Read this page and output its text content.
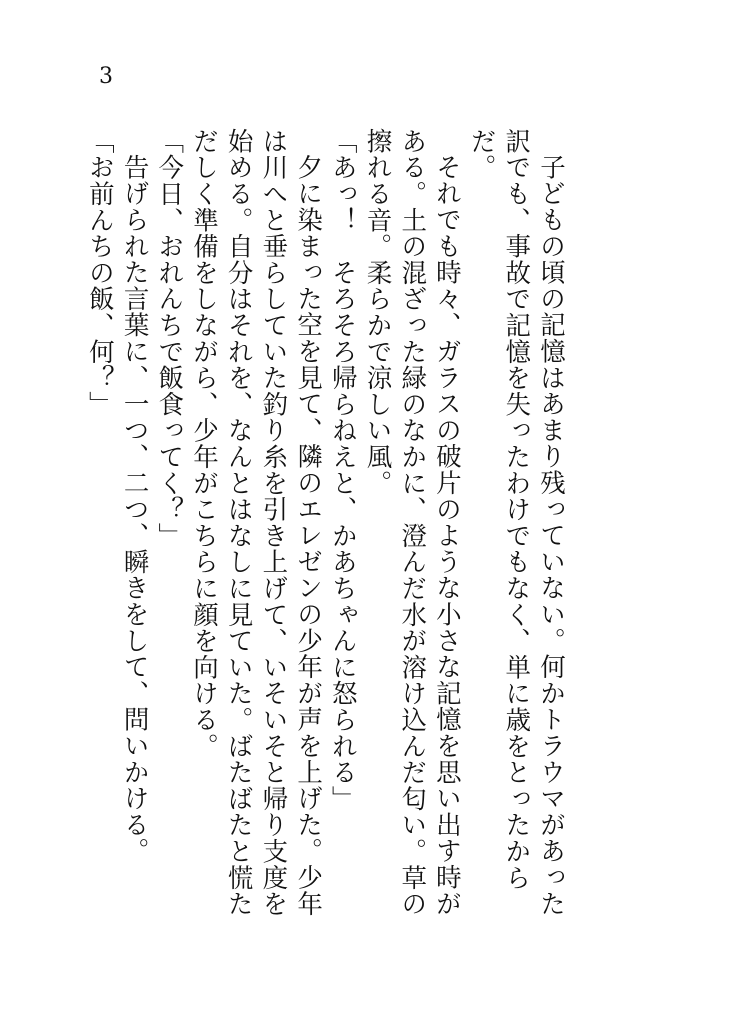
3

子どもの頃の記憶はあまり残っていない。何かトラウマがあった訳でも、事故で記憶を失ったわけでもなく、単に歳をとったからだ。

それでも時々、ガラスの破片のような小さな記憶を思い出す時がある。土の混ざった緑のなかに、澄んだ水が溶け込んだ匂い。草の擦れる音。柔らかで涼しい風。

「あっ！　そろそろ帰らねえと、かあちゃんに怒られる」

夕に染まった空を見て、隣のエレゼンの少年が声を上げた。少年は川へと垂らしていた釣り糸を引き上げて、いそいそと帰り支度を始める。自分はそれを、なんとはなしに見ていた。ばたばたと慌ただしく準備をしながら、少年がこちらに顔を向ける。

「今日、おれんちで飯食ってく？」

告げられた言葉に、一つ、二つ、瞬きをして、問いかける。

「お前んちの飯、何？」
